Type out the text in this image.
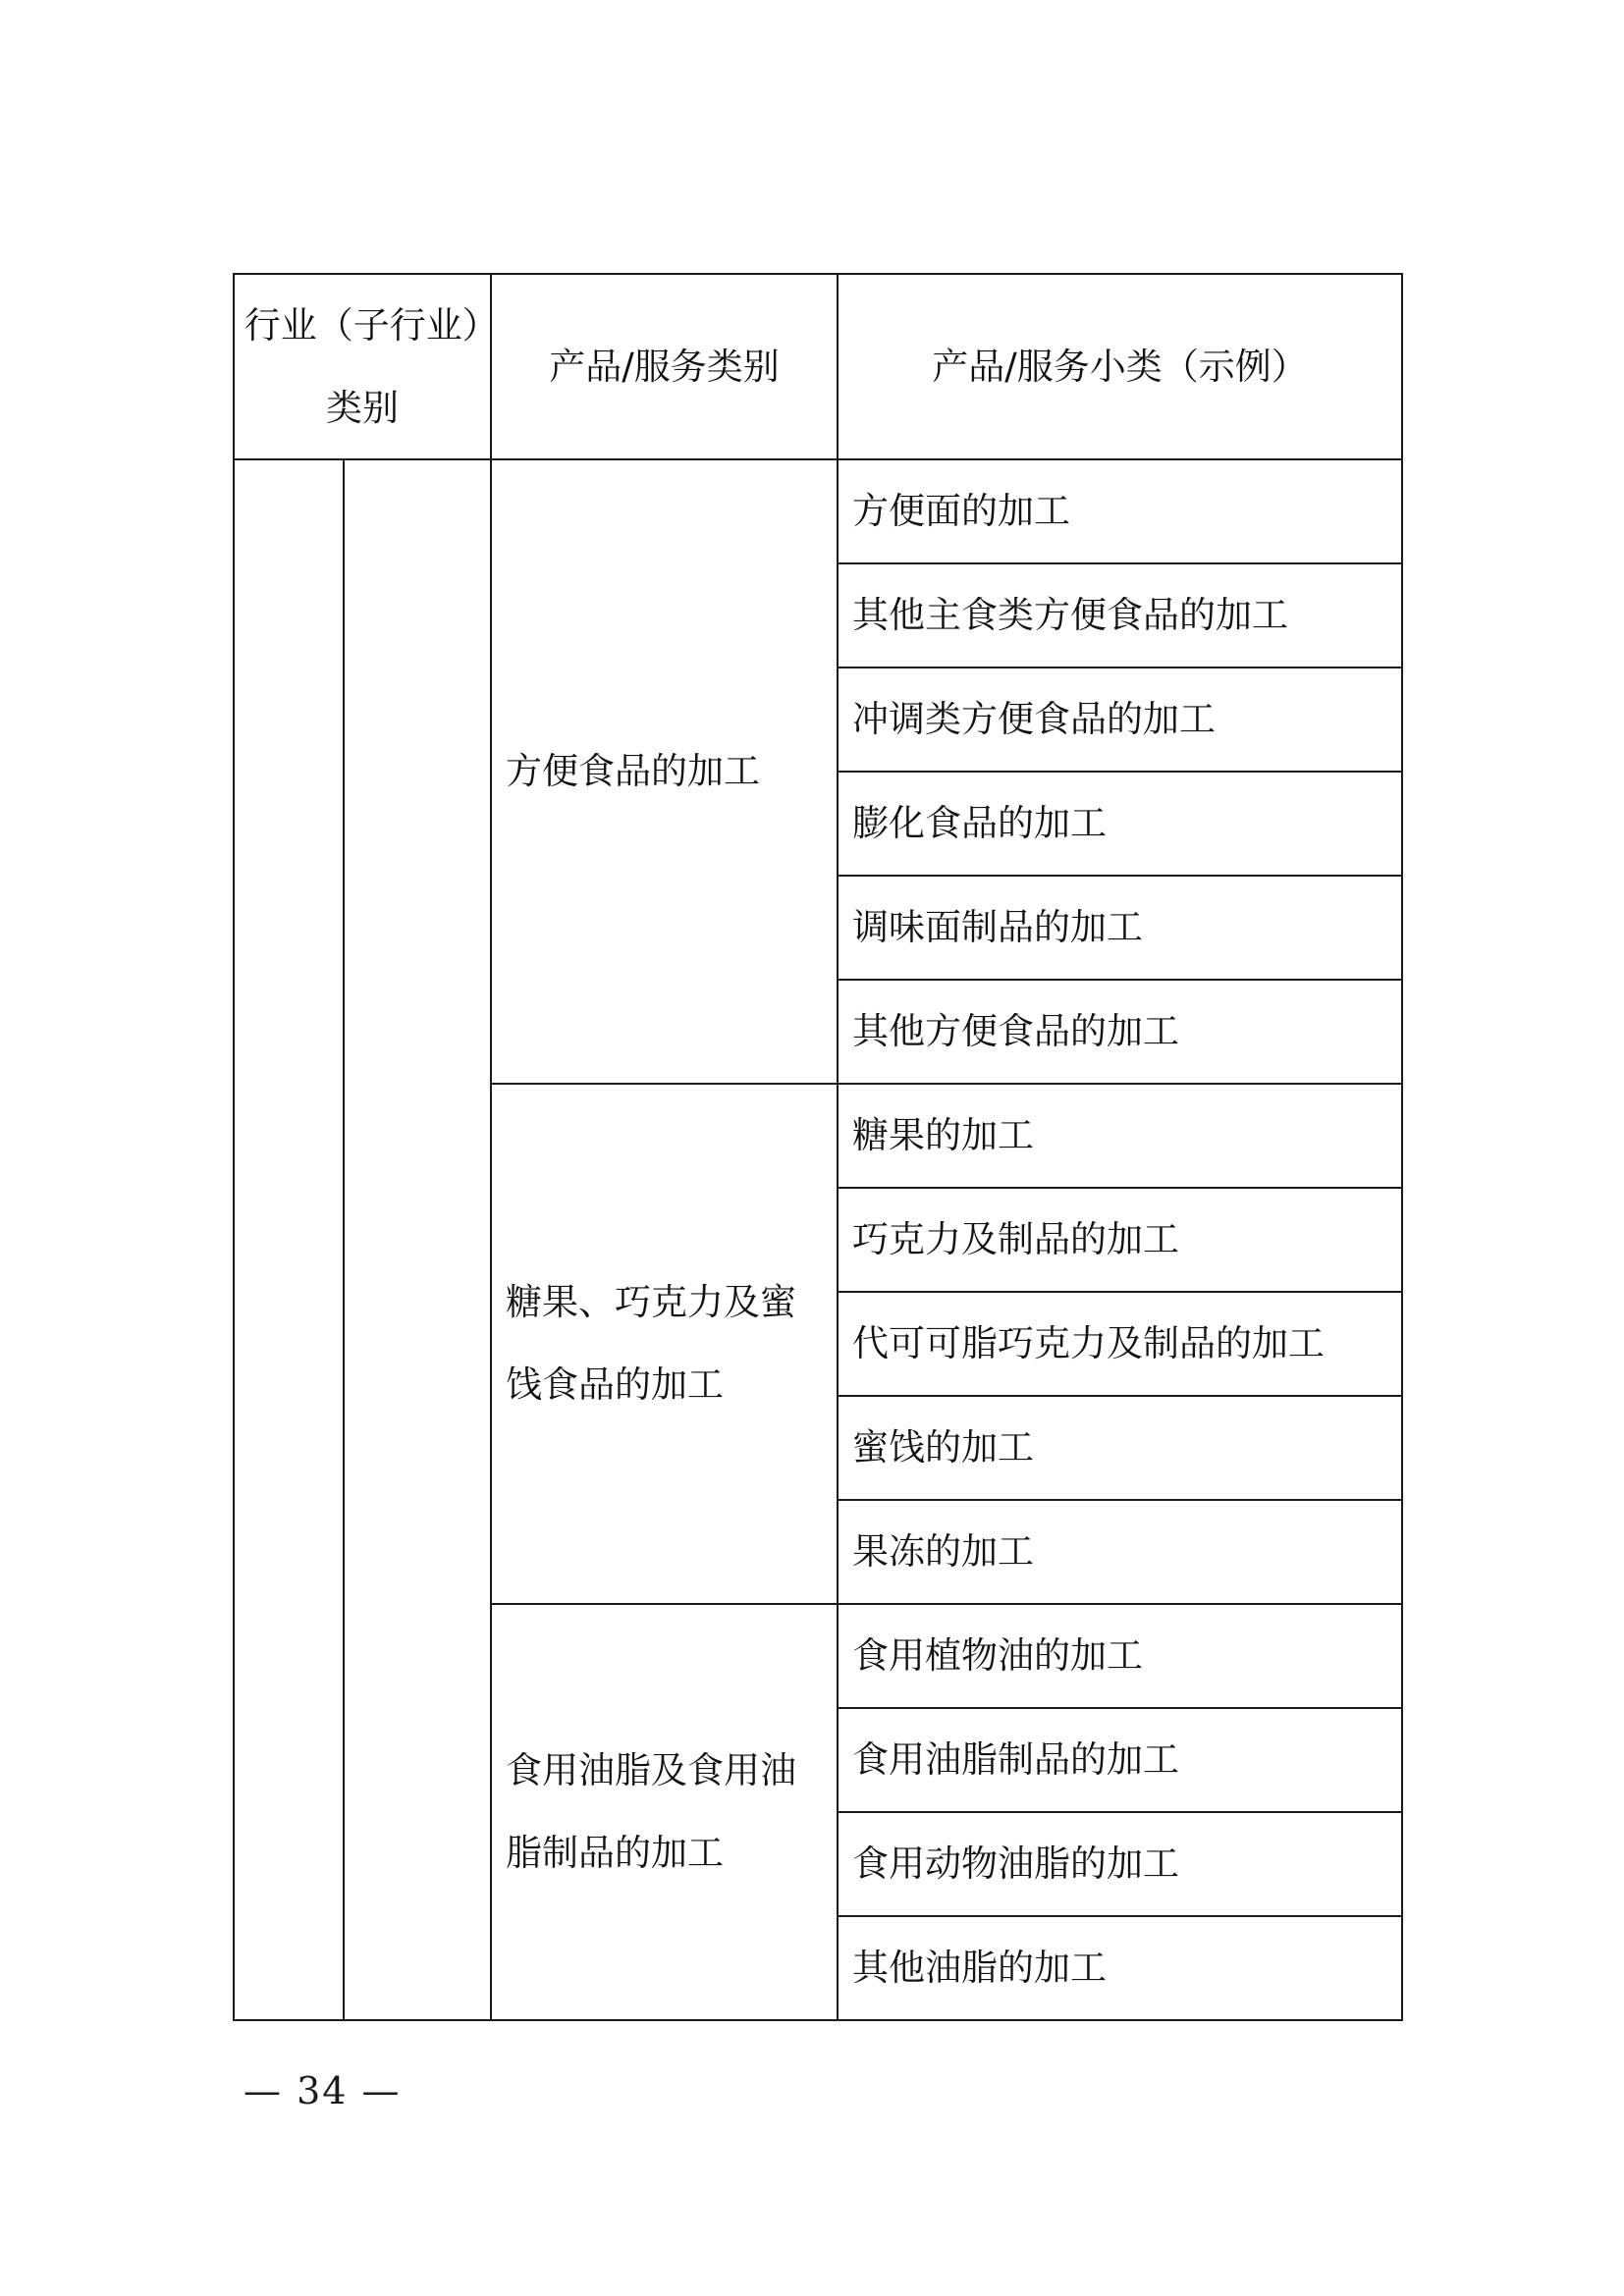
行业（子行业）类别		产品/服务类别	产品/服务小类（示例）
		方便食品的加工	方便面的加工
			其他主食类方便食品的加工
			冲调类方便食品的加工
			膨化食品的加工
			调味面制品的加工
			其他方便食品的加工
		糖果、巧克力及蜜饯食品的加工	糖果的加工
			巧克力及制品的加工
			代可可脂巧克力及制品的加工
			蜜饯的加工
			果冻的加工
		食用油脂及食用油脂制品的加工	食用植物油的加工
			食用油脂制品的加工
			食用动物油脂的加工
			其他油脂的加工
— 34 —
